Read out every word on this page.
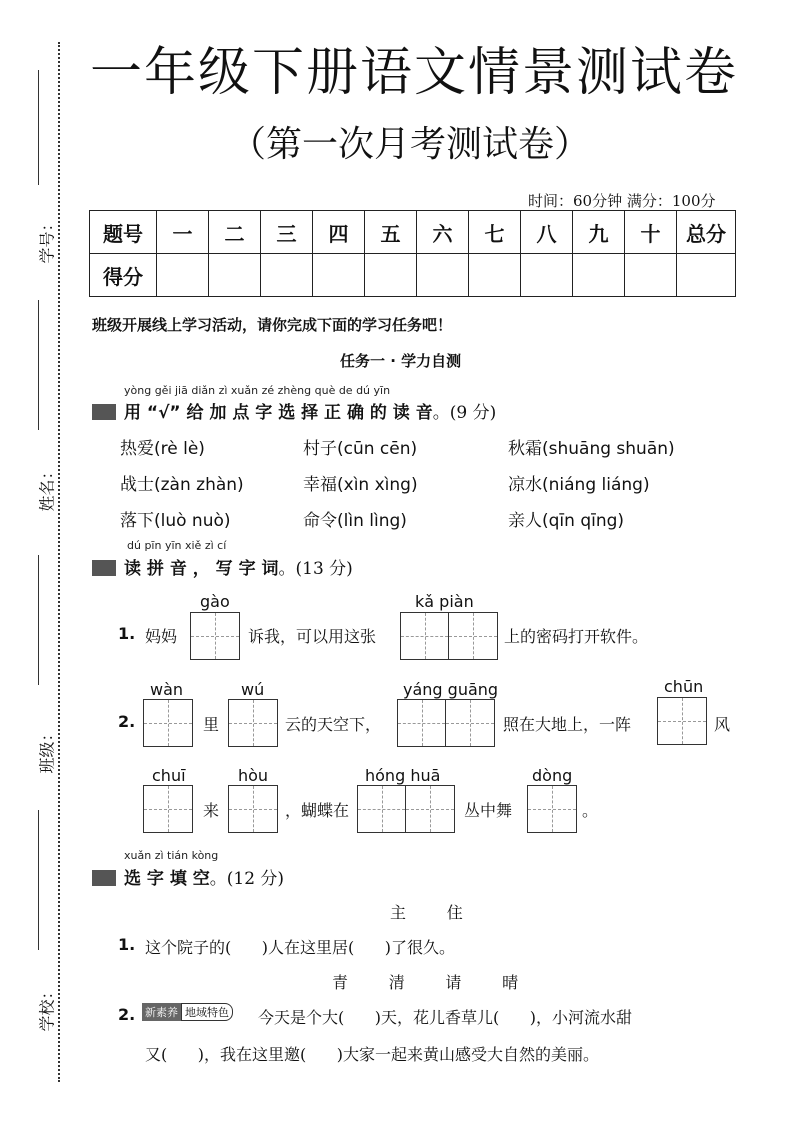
学号：
姓名：
班级：
学校：
一年级下册语文情景测试卷
（第一次月考测试卷）
时间：60分钟 满分：100分
题号	一	二	三	四	五	六	七	八	九	十	总分
得分											
班级开展线上学习活动，请你完成下面的学习任务吧！
任务一 · 学力自测
yòng gěi jiā diǎn zì xuǎn zé zhèng què de dú yīn
用 “√” 给 加 点 字 选 择 正 确 的 读 音。(9 分)
热爱(rè lè)	村子(cūn cēn)	秋霜(shuāng shuān)
战士(zàn zhàn)	幸福(xìn xìng)	凉水(niáng liáng)
落下(luò nuò)	命令(lìn lìng)	亲人(qīn qīng)
dú pīn yīn xiě zì cí
读 拼 音 ， 写 字 词。(13 分)
1. 妈妈
gào
诉我，可以用这张
kǎ piàn
上的密码打开软件。
2.
wàn
里
wú
云的天空下，
yáng guāng
照在大地上，一阵
chūn
风
chuī
来
hòu
，蝴蝶在
hóng huā
丛中舞
dòng
。
xuǎn zì tián kòng
选 字 填 空。(12 分)
主        住
1. 这个院子的(      )人在这里居(      )了很久。
青        清        请        晴
2. 新素养 地域特色 今天是个大(      )天，花儿香草儿(      )，小河流水甜
又(      )，我在这里邀(      )大家一起来黄山感受大自然的美丽。
